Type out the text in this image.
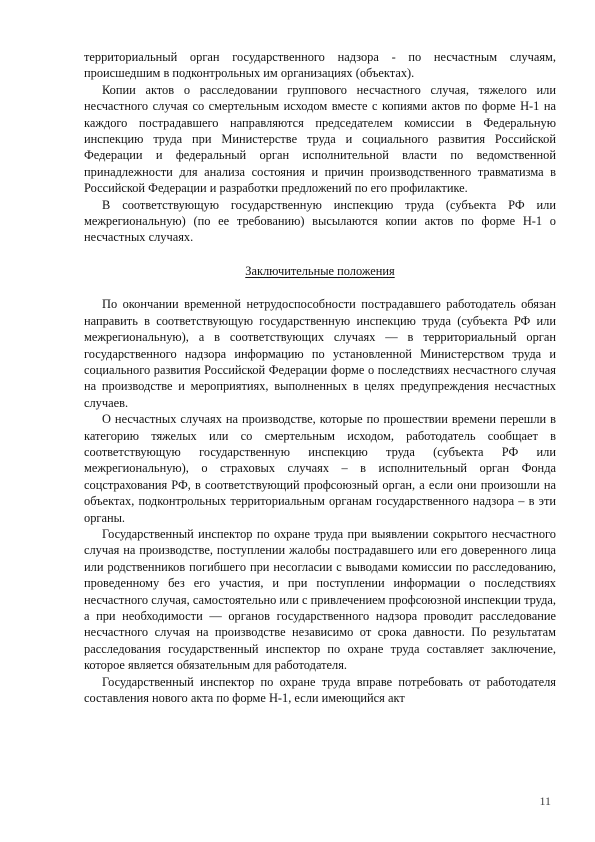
территориальный орган государственного надзора - по несчастным случаям, происшедшим в подконтрольных им организациях (объектах).

Копии актов о расследовании группового несчастного случая, тяжелого или несчастного случая со смертельным исходом вместе с копиями актов по форме Н-1 на каждого пострадавшего направляются председателем комиссии в Федеральную инспекцию труда при Министерстве труда и социального развития Российской Федерации и федеральный орган исполнительной власти по ведомственной принадлежности для анализа состояния и причин производственного травматизма в Российской Федерации и разработки предложений по его профилактике.

В соответствующую государственную инспекцию труда (субъекта РФ или межрегиональную) (по ее требованию) высылаются копии актов по форме Н-1 о несчастных случаях.

Заключительные положения

По окончании временной нетрудоспособности пострадавшего работодатель обязан направить в соответствующую государственную инспекцию труда (субъекта РФ или межрегиональную), а в соответствующих случаях — в территориальный орган государственного надзора информацию по установленной Министерством труда и социального развития Российской Федерации форме о последствиях несчастного случая на производстве и мероприятиях, выполненных в целях предупреждения несчастных случаев.

О несчастных случаях на производстве, которые по прошествии времени перешли в категорию тяжелых или со смертельным исходом, работодатель сообщает в соответствующую государственную инспекцию труда (субъекта РФ или межрегиональную), о страховых случаях – в исполнительный орган Фонда соцстрахования РФ, в соответствующий профсоюзный орган, а если они произошли на объектах, подконтрольных территориальным органам государственного надзора – в эти органы.

Государственный инспектор по охране труда при выявлении сокрытого несчастного случая на производстве, поступлении жалобы пострадавшего или его доверенного лица или родственников погибшего при несогласии с выводами комиссии по расследованию, проведенному без его участия, и при поступлении информации о последствиях несчастного случая, самостоятельно или с привлечением профсоюзной инспекции труда, а при необходимости — органов государственного надзора проводит расследование несчастного случая на производстве независимо от срока давности. По результатам расследования государственный инспектор по охране труда составляет заключение, которое является обязательным для работодателя.

Государственный инспектор по охране труда вправе потребовать от работодателя составления нового акта по форме Н-1, если имеющийся акт

11
